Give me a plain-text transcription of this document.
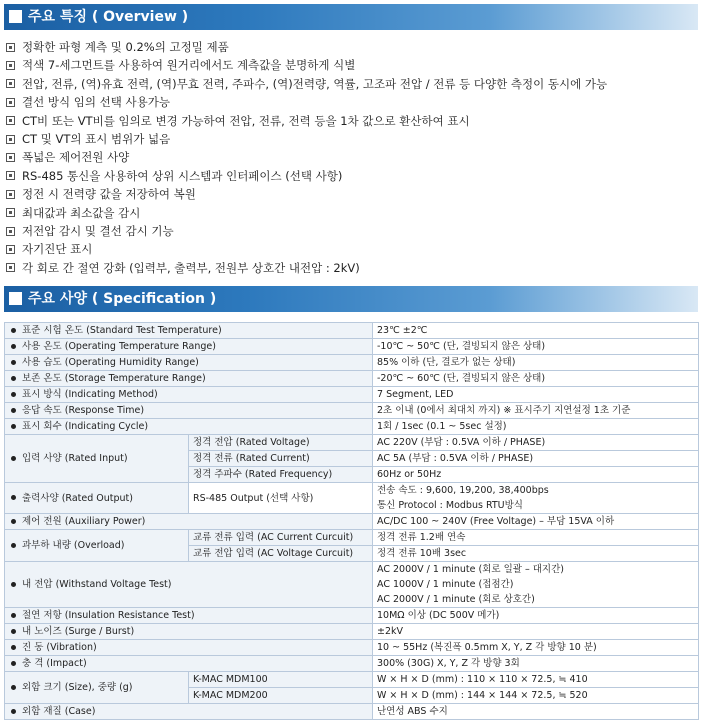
주요 특징 ( Overview )
정확한 파형 계측 및 0.2%의 고정밀 제품
적색 7-세그먼트를 사용하여 원거리에서도 계측값을 분명하게 식별
전압, 전류, (역)유효 전력, (역)무효 전력, 주파수, (역)전력량, 역률, 고조파 전압 / 전류 등 다양한 측정이 동시에 가능
결선 방식 임의 선택 사용가능
CT비 또는 VT비를 임의로 변경 가능하여 전압, 전류, 전력 등을 1차 값으로 환산하여 표시
CT 및 VT의 표시 범위가 넓음
폭넓은 제어전원 사양
RS-485 통신을 사용하여 상위 시스템과 인터페이스 (선택 사항)
정전 시 전력량 값을 저장하여 복원
최대값과 최소값을 감시
저전압 감시 및 결선 감시 기능
자기진단 표시
각 회로 간 절연 강화 (입력부, 출력부, 전원부 상호간 내전압 : 2kV)
주요 사양 ( Specification )
표준 시험 온도 (Standard Test Temperature)		23℃ ±2℃
사용 온도 (Operating Temperature Range)		-10℃ ~ 50℃ (단, 결빙되지 않은 상태)
사용 습도 (Operating Humidity Range)		85% 이하 (단, 결로가 없는 상태)
보존 온도 (Storage Temperature Range)		-20℃ ~ 60℃ (단, 결빙되지 않은 상태)
표시 방식 (Indicating Method)		7 Segment, LED
응답 속도 (Response Time)		2초 이내 (0에서 최대치 까지) ※ 표시주기 지연설정 1초 기준
표시 회수 (Indicating Cycle)		1회 / 1sec (0.1 ~ 5sec 설정)
입력 사양 (Rated Input)	정격 전압 (Rated Voltage)	AC 220V (부담 : 0.5VA 이하 / PHASE)
	정격 전류 (Rated Current)	AC 5A (부담 : 0.5VA 이하 / PHASE)
	정격 주파수 (Rated Frequency)	60Hz or 50Hz
출력사양 (Rated Output)	RS-485 Output (선택 사항)	전송 속도 : 9,600, 19,200, 38,400bps
통신 Protocol : Modbus RTU방식

제어 전원 (Auxiliary Power)		AC/DC 100 ~ 240V (Free Voltage) – 부담 15VA 이하
과부하 내량 (Overload)	교류 전류 입력 (AC Current Curcuit)	정격 전류 1.2배 연속
	교류 전압 입력 (AC Voltage Curcuit)	정격 전류 10배 3sec
내 전압 (Withstand Voltage Test)		AC 2000V / 1 minute (회로 일괄 – 대지간)
AC 1000V / 1 minute (접점간)
AC 2000V / 1 minute (회로 상호간)

절연 저항 (Insulation Resistance Test)		10MΩ 이상 (DC 500V 메가)
내 노이즈 (Surge / Burst)		±2kV
진 동 (Vibration)		10 ~ 55Hz (복진폭 0.5mm X, Y, Z 각 방향 10 분)
충 격 (Impact)		300% (30G) X, Y, Z 각 방향 3회
외함 크기 (Size), 중량 (g)	K-MAC MDM100	W × H × D (mm) : 110 × 110 × 72.5, ≒ 410
	K-MAC MDM200	W × H × D (mm) : 144 × 144 × 72.5, ≒ 520
외함 재질 (Case)		난연성 ABS 수지
